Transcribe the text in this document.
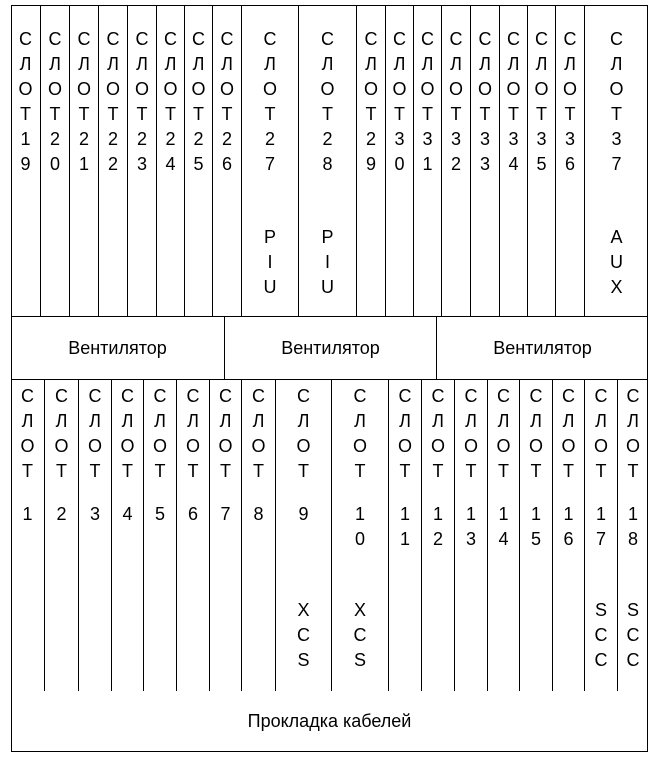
С
Л
О
Т
1
9
С
Л
О
Т
2
0
С
Л
О
Т
2
1
С
Л
О
Т
2
2
С
Л
О
Т
2
3
С
Л
О
Т
2
4
С
Л
О
Т
2
5
С
Л
О
Т
2
6
С
Л
О
Т
2
7
P
I
U
С
Л
О
Т
2
8
P
I
U
С
Л
О
Т
2
9
С
Л
О
Т
3
0
С
Л
О
Т
3
1
С
Л
О
Т
3
2
С
Л
О
Т
3
3
С
Л
О
Т
3
4
С
Л
О
Т
3
5
С
Л
О
Т
3
6
С
Л
О
Т
3
7
A
U
X
Вентилятор	Вентилятор	Вентилятор
С
Л
О
Т
1
С
Л
О
Т
2
С
Л
О
Т
3
С
Л
О
Т
4
С
Л
О
Т
5
С
Л
О
Т
6
С
Л
О
Т
7
С
Л
О
Т
8
С
Л
О
Т
9
X
C
S
С
Л
О
Т
1
0
X
C
S
С
Л
О
Т
1
1
С
Л
О
Т
1
2
С
Л
О
Т
1
3
С
Л
О
Т
1
4
С
Л
О
Т
1
5
С
Л
О
Т
1
6
С
Л
О
Т
1
7
S
C
C
С
Л
О
Т
1
8
S
C
C
Прокладка кабелей
